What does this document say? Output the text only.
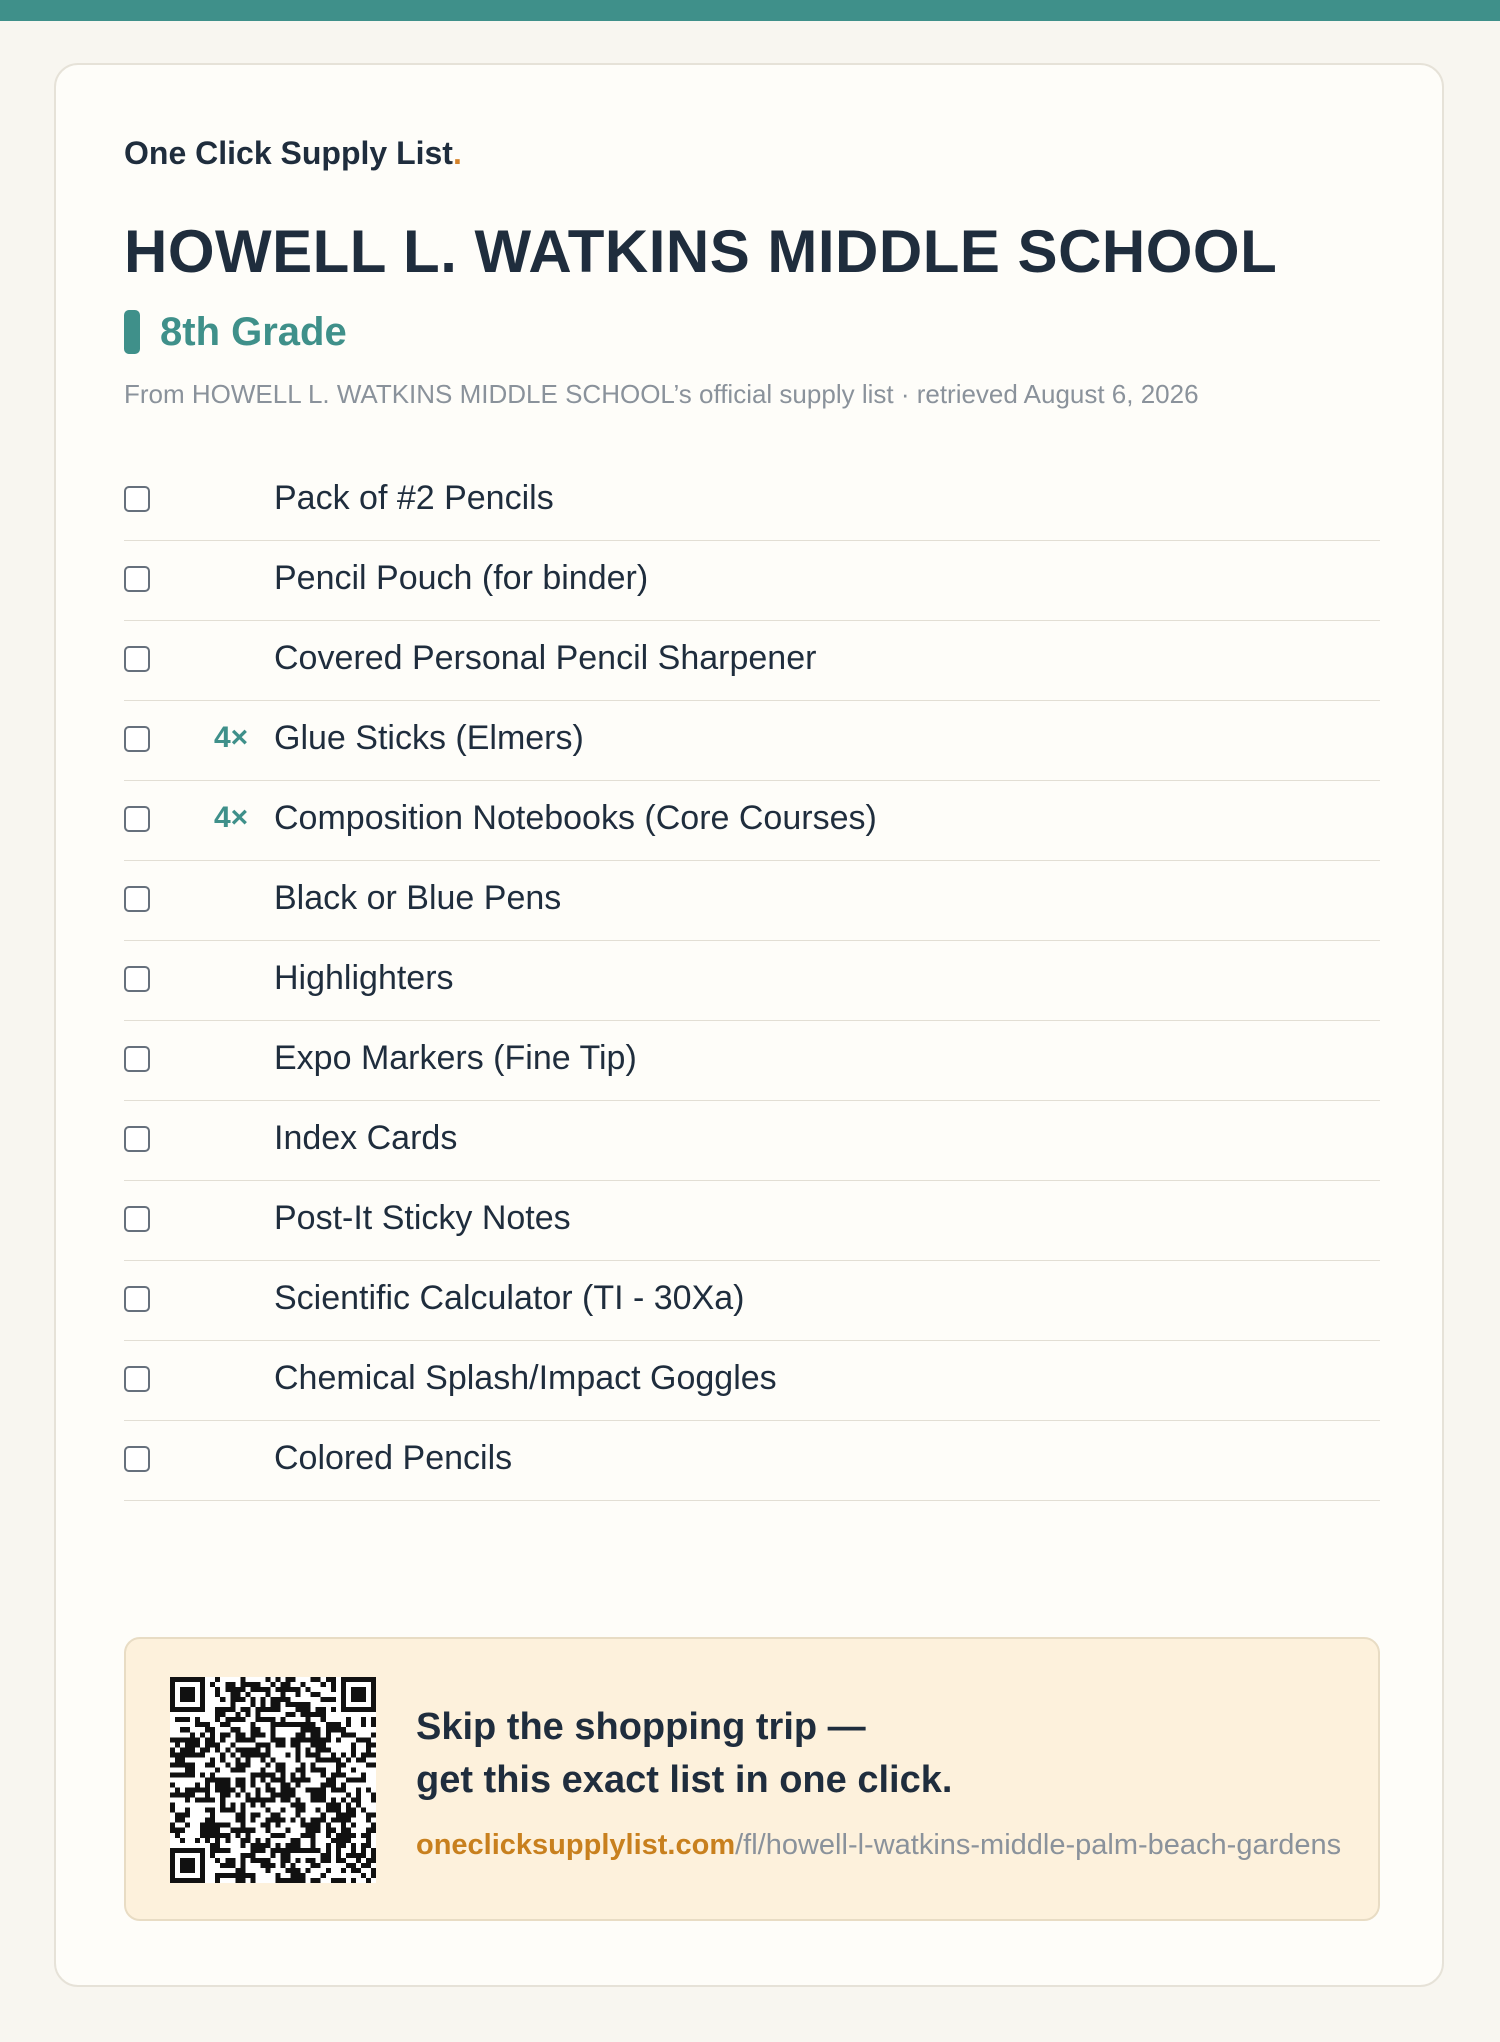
One Click Supply List.
HOWELL L. WATKINS MIDDLE SCHOOL
8th Grade
From HOWELL L. WATKINS MIDDLE SCHOOL’s official supply list · retrieved August 6, 2026
Pack of #2 Pencils
Pencil Pouch (for binder)
Covered Personal Pencil Sharpener
4× Glue Sticks (Elmers)
4× Composition Notebooks (Core Courses)
Black or Blue Pens
Highlighters
Expo Markers (Fine Tip)
Index Cards
Post-It Sticky Notes
Scientific Calculator (TI - 30Xa)
Chemical Splash/Impact Goggles
Colored Pencils
Skip the shopping trip —
get this exact list in one click.
oneclicksupplylist.com/fl/howell-l-watkins-middle-palm-beach-gardens
